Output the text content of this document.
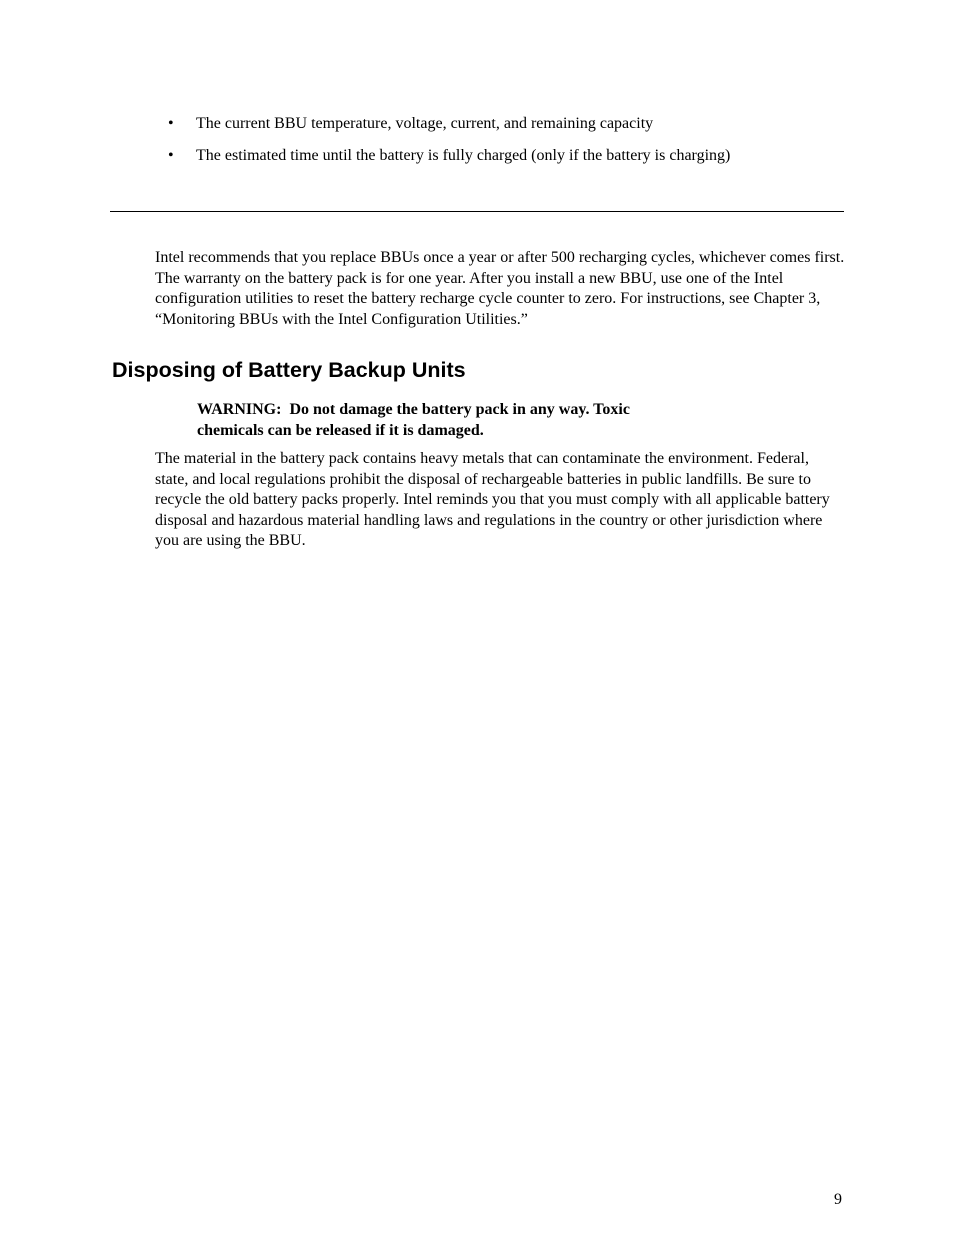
• The current BBU temperature, voltage, current, and remaining capacity
• The estimated time until the battery is fully charged (only if the battery is charging)

Intel recommends that you replace BBUs once a year or after 500 recharging cycles, whichever comes first. The warranty on the battery pack is for one year. After you install a new BBU, use one of the Intel configuration utilities to reset the battery recharge cycle counter to zero. For instructions, see Chapter 3, “Monitoring BBUs with the Intel Configuration Utilities.”

Disposing of Battery Backup Units

WARNING:  Do not damage the battery pack in any way. Toxic
chemicals can be released if it is damaged.

The material in the battery pack contains heavy metals that can contaminate the environment. Federal, state, and local regulations prohibit the disposal of rechargeable batteries in public landfills. Be sure to recycle the old battery packs properly. Intel reminds you that you must comply with all applicable battery disposal and hazardous material handling laws and regulations in the country or other jurisdiction where you are using the BBU.

9
